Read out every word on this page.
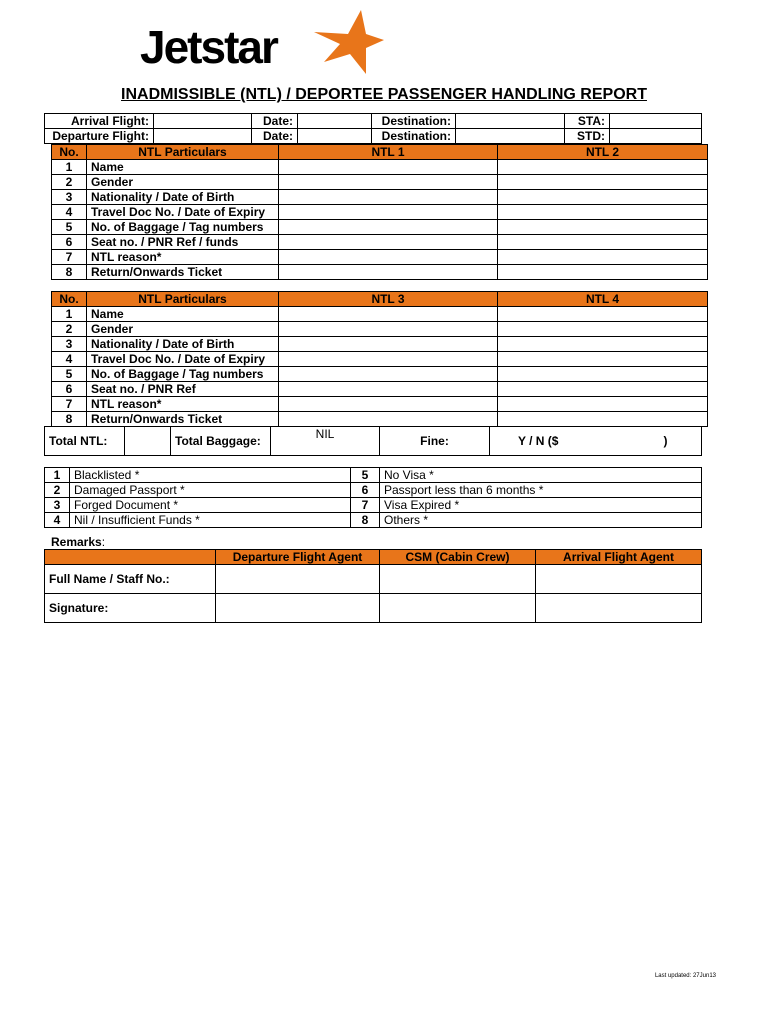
Jetstar
INADMISSIBLE (NTL) / DEPORTEE PASSENGER HANDLING REPORT
Arrival Flight:		Date:		Destination:		STA:	
Departure Flight:		Date:		Destination:		STD:	
No.	NTL Particulars	NTL 1	NTL 2
1	Name		
2	Gender		
3	Nationality / Date of Birth		
4	Travel Doc No. / Date of Expiry		
5	No. of Baggage / Tag numbers		
6	Seat no. / PNR Ref / funds		
7	NTL reason*		
8	Return/Onwards Ticket		
No.	NTL Particulars	NTL 3	NTL 4
1	Name		
2	Gender		
3	Nationality / Date of Birth		
4	Travel Doc No. / Date of Expiry		
5	No. of Baggage / Tag numbers		
6	Seat no. / PNR Ref		
7	NTL reason*		
8	Return/Onwards Ticket		
Total NTL:		Total Baggage:	NIL	Fine:	Y / N ($	)
1	Blacklisted *	5	No Visa *
2	Damaged Passport *	6	Passport less than 6 months *
3	Forged Document *	7	Visa Expired *
4	Nil / Insufficient Funds *	8	Others *
Remarks:
	Departure Flight Agent	CSM (Cabin Crew)	Arrival Flight Agent
Full Name / Staff No.:			
Signature:			
Last updated: 27Jun13
